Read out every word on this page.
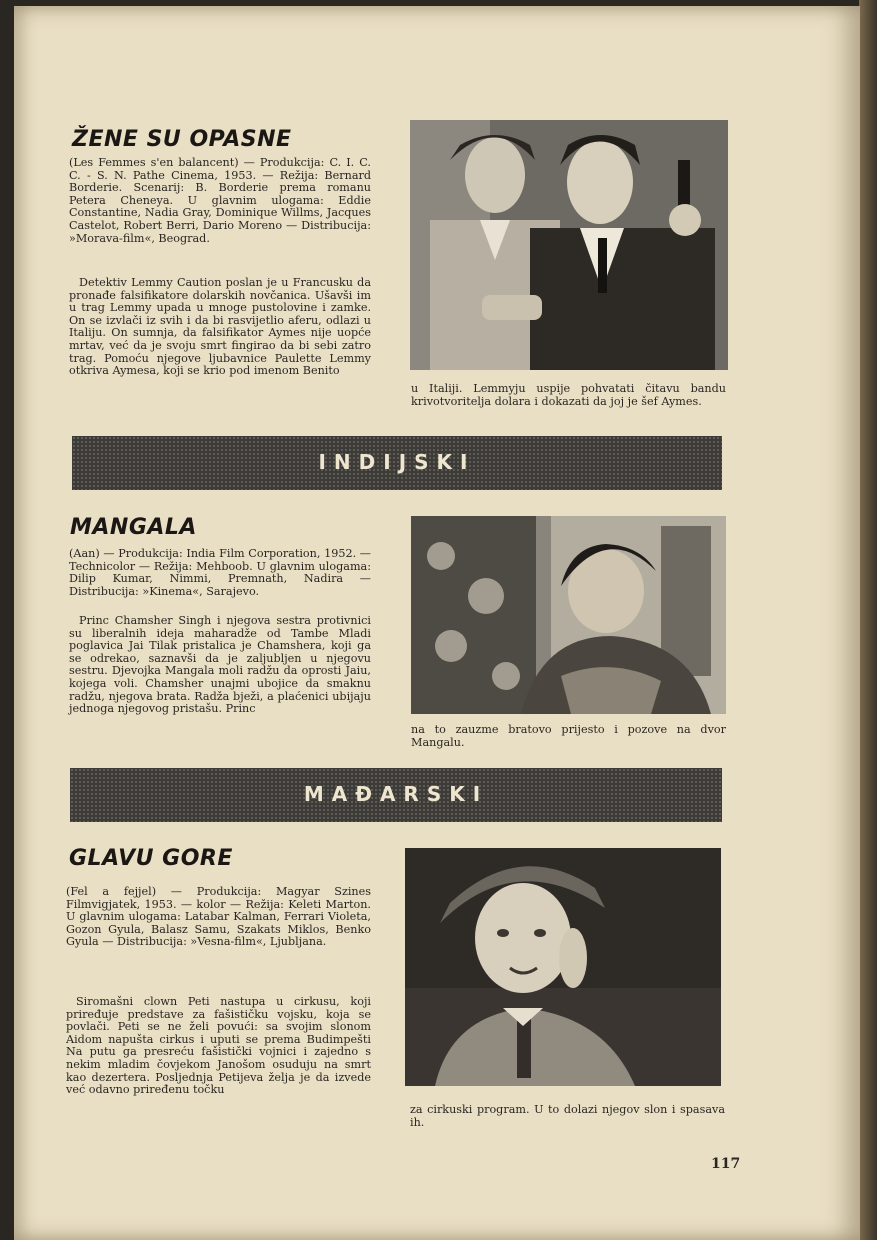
ŽENE SU OPASNE
(Les Femmes s'en balancent) — Produkcija: C. I. C. C. - S. N. Pathe Cinema, 1953. — Režija: Bernard Borderie. Scenarij: B. Borderie prema romanu Petera Cheneya. U glavnim ulogama: Eddie Constantine, Nadia Gray, Dominique Willms, Jacques Castelot, Robert Berri, Dario Moreno — Distribucija: »Morava-film«, Beograd.
Detektiv Lemmy Caution poslan je u Francusku da pronađe falsifikatore dolarskih novčanica. Ušavši im u trag Lemmy upada u mnoge pustolovine i zamke. On se izvlači iz svih i da bi rasvijetlio aferu, odlazi u Italiju. On sumnja, da falsifikator Aymes nije uopće mrtav, već da je svoju smrt fingirao da bi sebi zatro trag. Pomoću njegove ljubavnice Paulette Lemmy otkriva Aymesa, koji se krio pod imenom Benito
u Italiji. Lemmyju uspije pohvatati čitavu bandu krivotvoritelja dolara i dokazati da joj je šef Aymes.
INDIJSKI
MANGALA
(Aan) — Produkcija: India Film Corporation, 1952. — Technicolor — Režija: Mehboob. U glavnim ulogama: Dilip Kumar, Nimmi, Premnath, Nadira — Distribucija: »Kinema«, Sarajevo.
Princ Chamsher Singh i njegova sestra protivnici su liberalnih ideja maharadže od Tambe Mladi poglavica Jai Tilak pristalica je Chamshera, koji ga se odrekao, saznavši da je zaljubljen u njegovu sestru. Djevojka Mangala moli radžu da oprosti Jaiu, kojega voli. Chamsher unajmi ubojice da smaknu radžu, njegova brata. Radža bježi, a plaćenici ubijaju jednoga njegovog pristašu. Princ
na to zauzme bratovo prijesto i pozove na dvor Mangalu.
MAĐARSKI
GLAVU GORE
(Fel a fejjel) — Produkcija: Magyar Szines Filmvigjatek, 1953. — kolor — Režija: Keleti Marton. U glavnim ulogama: Latabar Kalman, Ferrari Violeta, Gozon Gyula, Balasz Samu, Szakats Miklos, Benko Gyula — Distribucija: »Vesna-film«, Ljubljana.
Siromašni clown Peti nastupa u cirkusu, koji priređuje predstave za fašističku vojsku, koja se povlači. Peti se ne želi povući: sa svojim slonom Aidom napušta cirkus i uputi se prema Budimpešti Na putu ga presreću fašistički vojnici i zajedno s nekim mladim čovjekom Janošom osuduju na smrt kao dezertera. Posljednja Petijeva želja je da izvede već odavno priređenu točku
za cirkuski program. U to dolazi njegov slon i spasava ih.
117
